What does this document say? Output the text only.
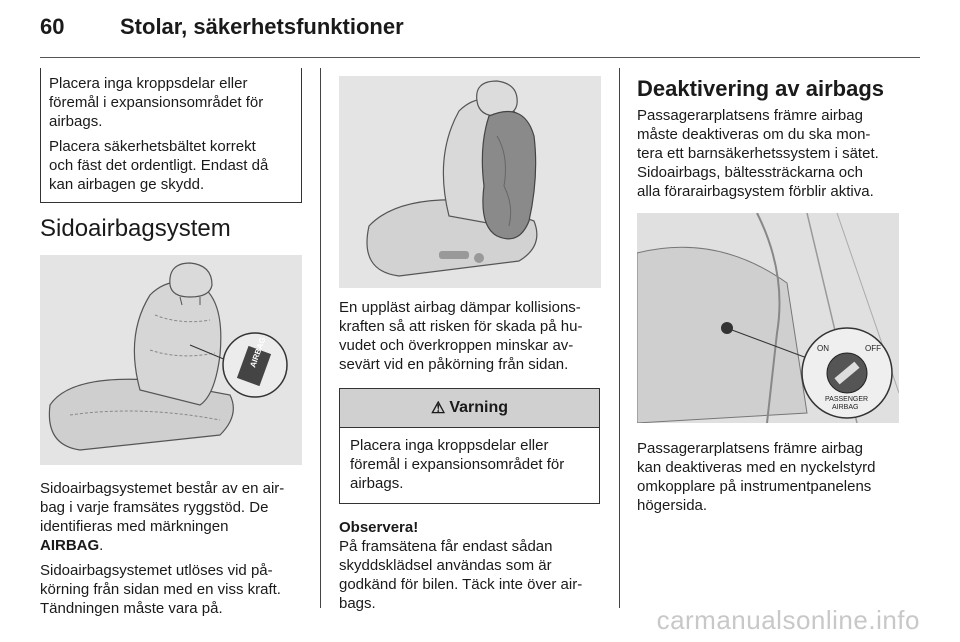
60	Stolar, säkerhetsfunktioner

Placera inga kroppsdelar eller
föremål i expansionsområdet för
airbags.

Placera säkerhetsbältet korrekt
och fäst det ordentligt. Endast då
kan airbagen ge skydd.

Sidoairbagsystem
AIRBAG

Sidoairbagsystemet består av en air-
bag i varje framsätes ryggstöd. De
identifieras med märkningen
AIRBAG.

Sidoairbagsystemet utlöses vid på-
körning från sidan med en viss kraft.
Tändningen måste vara på.

En uppläst airbag dämpar kollisions-
kraften så att risken för skada på hu-
vudet och överkroppen minskar av-
sevärt vid en påkörning från sidan.

⚠ Varning
Placera inga kroppsdelar eller
föremål i expansionsområdet för
airbags.
Observera!

På framsätena får endast sådan
skyddsklädsel användas som är
godkänd för bilen. Täck inte över air-
bags.

Deaktivering av airbags

Passagerarplatsens främre airbag
måste deaktiveras om du ska mon-
tera ett barnsäkerhetssystem i sätet.
Sidoairbags, bältessträckarna och
alla förarairbagsystem förblir aktiva.

ON	OFF
PASSENGER
AIRBAG

Passagerarplatsens främre airbag
kan deaktiveras med en nyckelstyrd
omkopplare på instrumentpanelens
högersida.

carmanualsonline.info
